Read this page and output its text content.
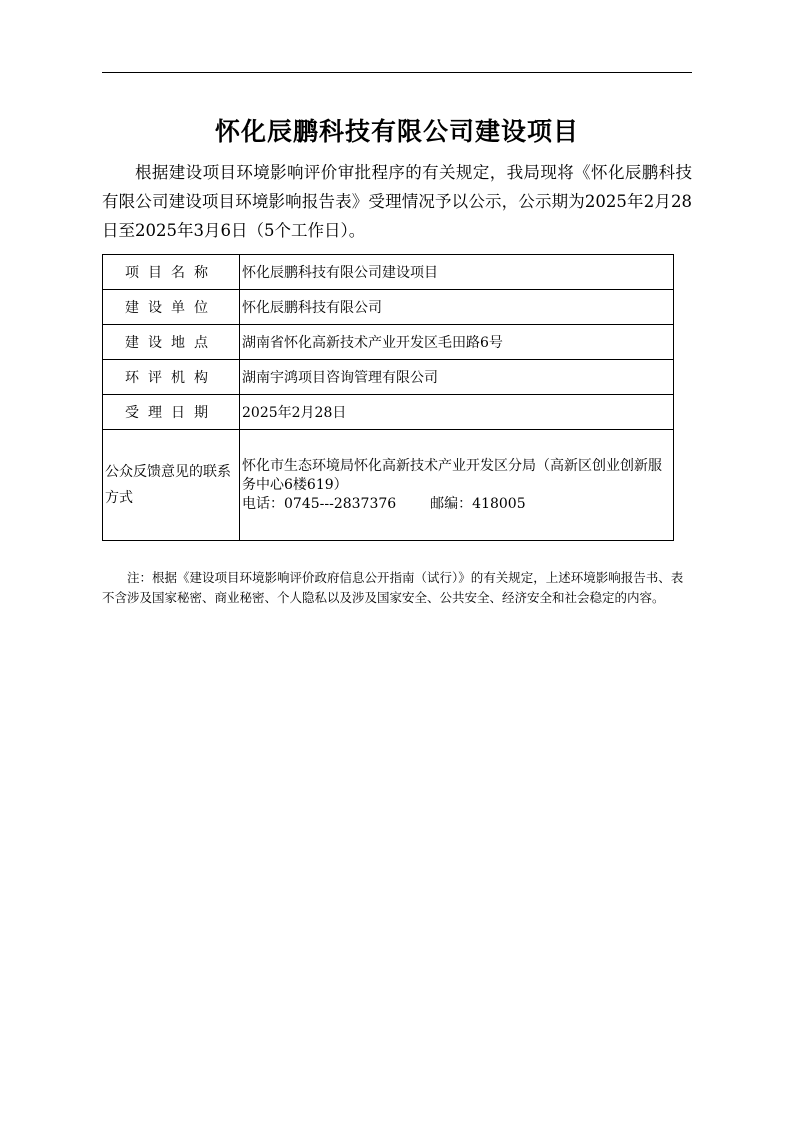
怀化辰鹏科技有限公司建设项目
根据建设项目环境影响评价审批程序的有关规定，我局现将《怀化辰鹏科技有限公司建设项目环境影响报告表》受理情况予以公示，公示期为2025年2月28日至2025年3月6日（5个工作日）。
项目名称	怀化辰鹏科技有限公司建设项目
建设单位	怀化辰鹏科技有限公司
建设地点	湖南省怀化高新技术产业开发区毛田路6号
环评机构	湖南宇鸿项目咨询管理有限公司
受理日期	2025年2月28日
公众反馈意见的联系方式	怀化市生态环境局怀化高新技术产业开发区分局（高新区创业创新服务中心6楼619）
电话：0745---2837376 邮编：418005
注：根据《建设项目环境影响评价政府信息公开指南（试行）》的有关规定，上述环境影响报告书、表不含涉及国家秘密、商业秘密、个人隐私以及涉及国家安全、公共安全、经济安全和社会稳定的内容。
